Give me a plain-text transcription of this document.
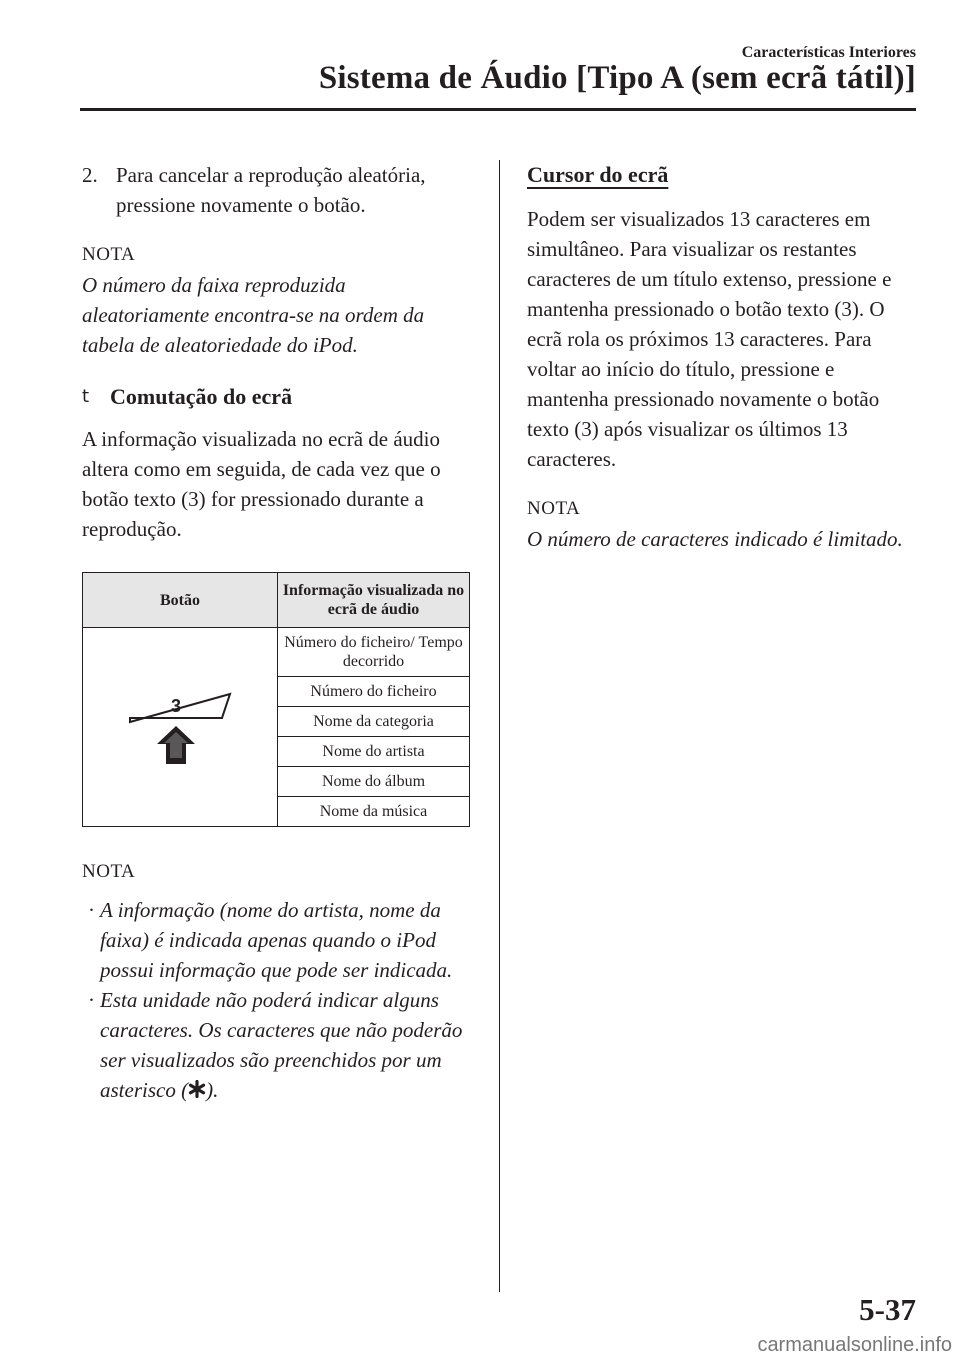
Características Interiores
Sistema de Áudio [Tipo A (sem ecrã tátil)]
2. Para cancelar a reprodução aleatória, pressione novamente o botão.
NOTA
O número da faixa reproduzida aleatoriamente encontra-se na ordem da tabela de aleatoriedade do iPod.
t Comutação do ecrã
A informação visualizada no ecrã de áudio altera como em seguida, de cada vez que o botão texto (3) for pressionado durante a reprodução.
Botão	Informação visualizada no ecrã de áudio

3	Número do ficheiro/ Tempo decorrido
	Número do ficheiro
	Nome da categoria
	Nome do artista
	Nome do álbum
	Nome da música
NOTA
· A informação (nome do artista, nome da faixa) é indicada apenas quando o iPod possui informação que pode ser indicada.
· Esta unidade não poderá indicar alguns caracteres. Os caracteres que não poderão ser visualizados são preenchidos por um asterisco ( ).
Cursor do ecrã
Podem ser visualizados 13 caracteres em simultâneo. Para visualizar os restantes caracteres de um título extenso, pressione e mantenha pressionado o botão texto (3). O ecrã rola os próximos 13 caracteres. Para voltar ao início do título, pressione e mantenha pressionado novamente o botão texto (3) após visualizar os últimos 13 caracteres.
NOTA
O número de caracteres indicado é limitado.
5-37
carmanualsonline.info
